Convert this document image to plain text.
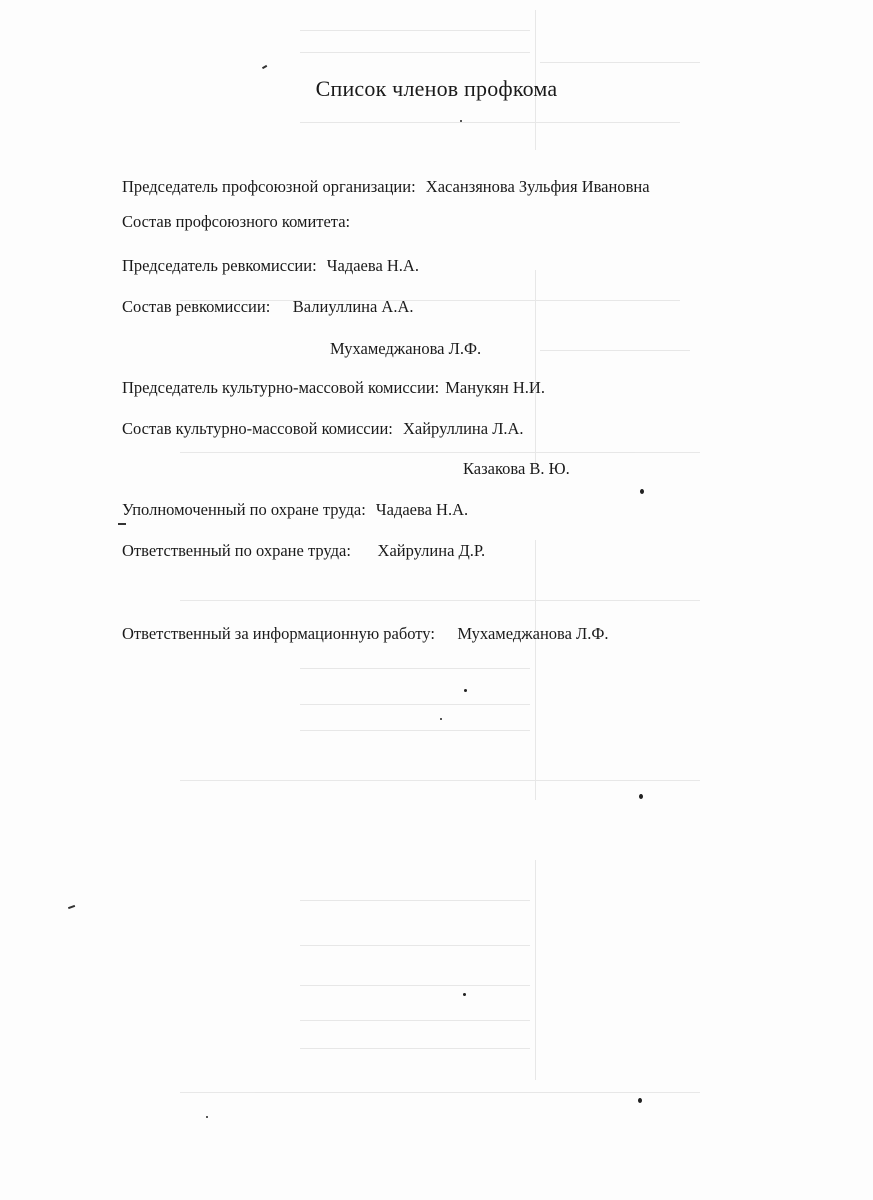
Список членов профкома
Председатель профсоюзной организации: Хасанзянова Зульфия Ивановна
Состав профсоюзного комитета:
Председатель ревкомиссии: Чадаева Н.А.
Состав ревкомиссии: Валиуллина А.А.
Мухамеджанова Л.Ф.
Председатель культурно-массовой комиссии: Манукян Н.И.
Состав культурно-массовой комиссии: Хайруллина Л.А.
Казакова В. Ю.
Уполномоченный по охране труда: Чадаева Н.А.
Ответственный по охране труда: Хайрулина Д.Р.
Ответственный за информационную работу: Мухамеджанова Л.Ф.
